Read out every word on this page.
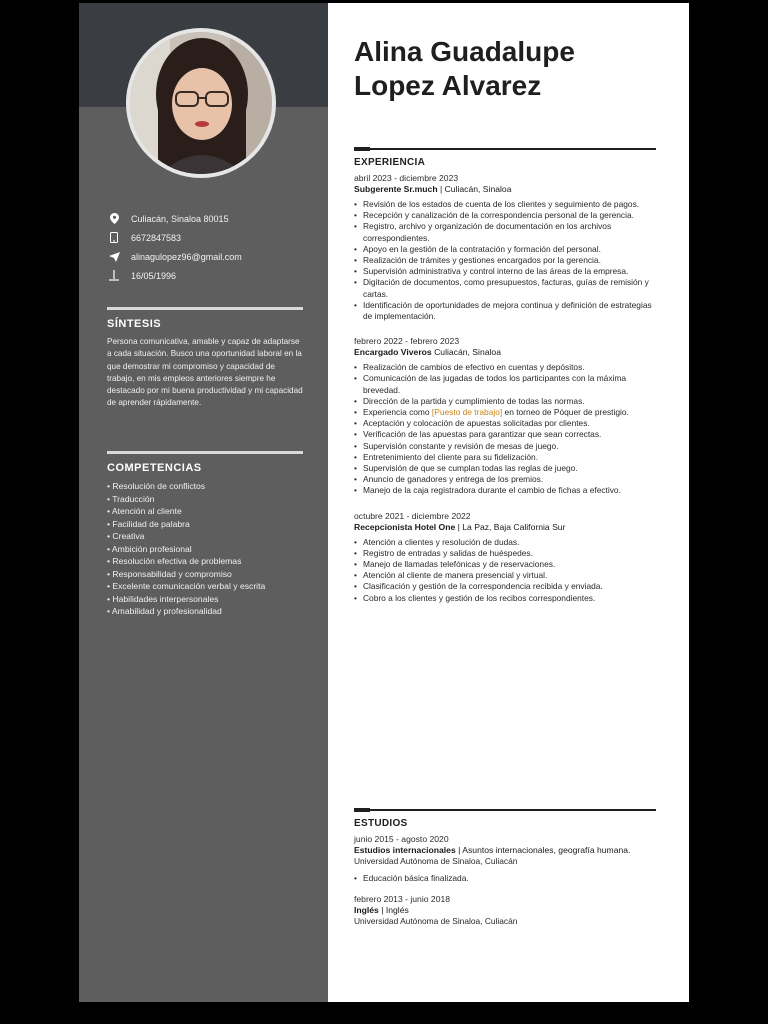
Culiacán, Sinaloa 80015
6672847583
alinagulopez96@gmail.com
16/05/1996
SÍNTESIS

Persona comunicativa, amable y capaz de adaptarse a cada situación. Busco una oportunidad laboral en la que demostrar mi compromiso y capacidad de trabajo, en mis empleos anteriores siempre he destacado por mi buena productividad y mi capacidad de aprender rápidamente.

COMPETENCIAS
• Resolución de conflictos
• Traducción
• Atención al cliente
• Facilidad de palabra
• Creativa
• Ambición profesional
• Resolución efectiva de problemas
• Responsabilidad y compromiso
• Excelente comunicación verbal y escrita
• Habilidades interpersonales
• Amabilidad y profesionalidad
Alina Guadalupe Lopez Alvarez
EXPERIENCIA
abril 2023 - diciembre 2023
Subgerente Sr.much | Culiacán, Sinaloa
• Revisión de los estados de cuenta de los clientes y seguimiento de pagos.
• Recepción y canalización de la correspondencia personal de la gerencia.
• Registro, archivo y organización de documentación en los archivos correspondientes.
• Apoyo en la gestión de la contratación y formación del personal.
• Realización de trámites y gestiones encargados por la gerencia.
• Supervisión administrativa y control interno de las áreas de la empresa.
• Digitación de documentos, como presupuestos, facturas, guías de remisión y cartas.
• Identificación de oportunidades de mejora continua y definición de estrategias de implementación.
febrero 2022 - febrero 2023
Encargado Viveros Culiacán, Sinaloa
• Realización de cambios de efectivo en cuentas y depósitos.
• Comunicación de las jugadas de todos los participantes con la máxima brevedad.
• Dirección de la partida y cumplimiento de todas las normas.
• Experiencia como [Puesto de trabajo] en torneo de Póquer de prestigio.
• Aceptación y colocación de apuestas solicitadas por clientes.
• Verificación de las apuestas para garantizar que sean correctas.
• Supervisión constante y revisión de mesas de juego.
• Entretenimiento del cliente para su fidelización.
• Supervisión de que se cumplan todas las reglas de juego.
• Anuncio de ganadores y entrega de los premios.
• Manejo de la caja registradora durante el cambio de fichas a efectivo.
octubre 2021 - diciembre 2022
Recepcionista Hotel One | La Paz, Baja California Sur
• Atención a clientes y resolución de dudas.
• Registro de entradas y salidas de huéspedes.
• Manejo de llamadas telefónicas y de reservaciones.
• Atención al cliente de manera presencial y virtual.
• Clasificación y gestión de la correspondencia recibida y enviada.
• Cobro a los clientes y gestión de los recibos correspondientes.
ESTUDIOS
junio 2015 - agosto 2020
Estudios internacionales | Asuntos internacionales, geografía humana.
Universidad Autónoma de Sinaloa, Culiacán
• Educación básica finalizada.
febrero 2013 - junio 2018
Inglés | Inglés
Universidad Autónoma de Sinaloa, Culiacán
